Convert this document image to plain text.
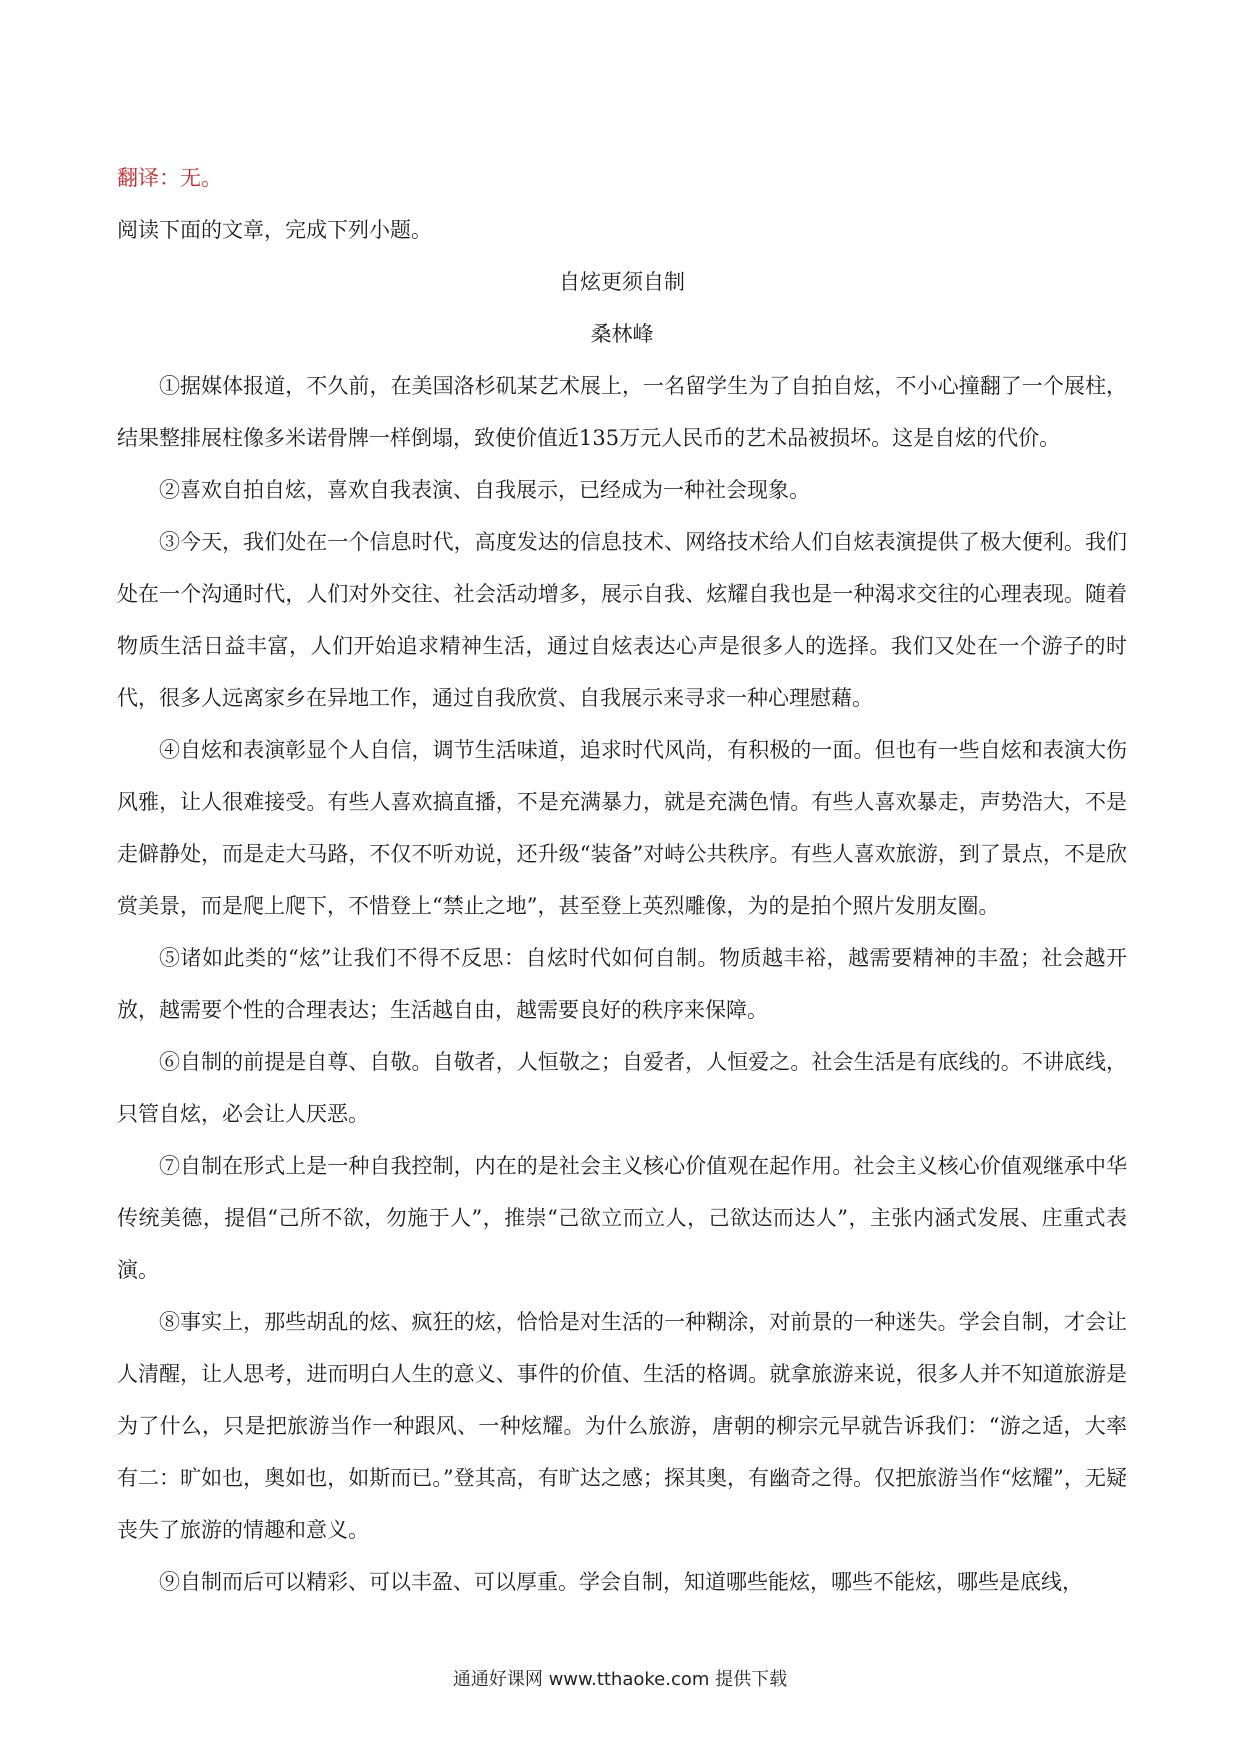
翻译：无。
阅读下面的文章，完成下列小题。
自炫更须自制
桑林峰

①据媒体报道，不久前，在美国洛杉矶某艺术展上，一名留学生为了自拍自炫，不小心撞翻了一个展柱，结果整排展柱像多米诺骨牌一样倒塌，致使价值近135万元人民币的艺术品被损坏。这是自炫的代价。

②喜欢自拍自炫，喜欢自我表演、自我展示，已经成为一种社会现象。

③今天，我们处在一个信息时代，高度发达的信息技术、网络技术给人们自炫表演提供了极大便利。我们处在一个沟通时代，人们对外交往、社会活动增多，展示自我、炫耀自我也是一种渴求交往的心理表现。随着物质生活日益丰富，人们开始追求精神生活，通过自炫表达心声是很多人的选择。我们又处在一个游子的时代，很多人远离家乡在异地工作，通过自我欣赏、自我展示来寻求一种心理慰藉。

④自炫和表演彰显个人自信，调节生活味道，追求时代风尚，有积极的一面。但也有一些自炫和表演大伤风雅，让人很难接受。有些人喜欢搞直播，不是充满暴力，就是充满色情。有些人喜欢暴走，声势浩大，不是走僻静处，而是走大马路，不仅不听劝说，还升级“装备”对峙公共秩序。有些人喜欢旅游，到了景点，不是欣赏美景，而是爬上爬下，不惜登上“禁止之地”，甚至登上英烈雕像，为的是拍个照片发朋友圈。

⑤诸如此类的“炫”让我们不得不反思：自炫时代如何自制。物质越丰裕，越需要精神的丰盈；社会越开放，越需要个性的合理表达；生活越自由，越需要良好的秩序来保障。

⑥自制的前提是自尊、自敬。自敬者，人恒敬之；自爱者，人恒爱之。社会生活是有底线的。不讲底线，只管自炫，必会让人厌恶。

⑦自制在形式上是一种自我控制，内在的是社会主义核心价值观在起作用。社会主义核心价值观继承中华传统美德，提倡“己所不欲，勿施于人”，推崇“己欲立而立人，己欲达而达人”，主张内涵式发展、庄重式表演。

⑧事实上，那些胡乱的炫、疯狂的炫，恰恰是对生活的一种糊涂，对前景的一种迷失。学会自制，才会让人清醒，让人思考，进而明白人生的意义、事件的价值、生活的格调。就拿旅游来说，很多人并不知道旅游是为了什么，只是把旅游当作一种跟风、一种炫耀。为什么旅游，唐朝的柳宗元早就告诉我们：“游之适，大率有二：旷如也，奥如也，如斯而已。”登其高，有旷达之感；探其奥，有幽奇之得。仅把旅游当作“炫耀”，无疑丧失了旅游的情趣和意义。

⑨自制而后可以精彩、可以丰盈、可以厚重。学会自制，知道哪些能炫，哪些不能炫，哪些是底线，

通通好课网 www.tthaoke.com 提供下载
